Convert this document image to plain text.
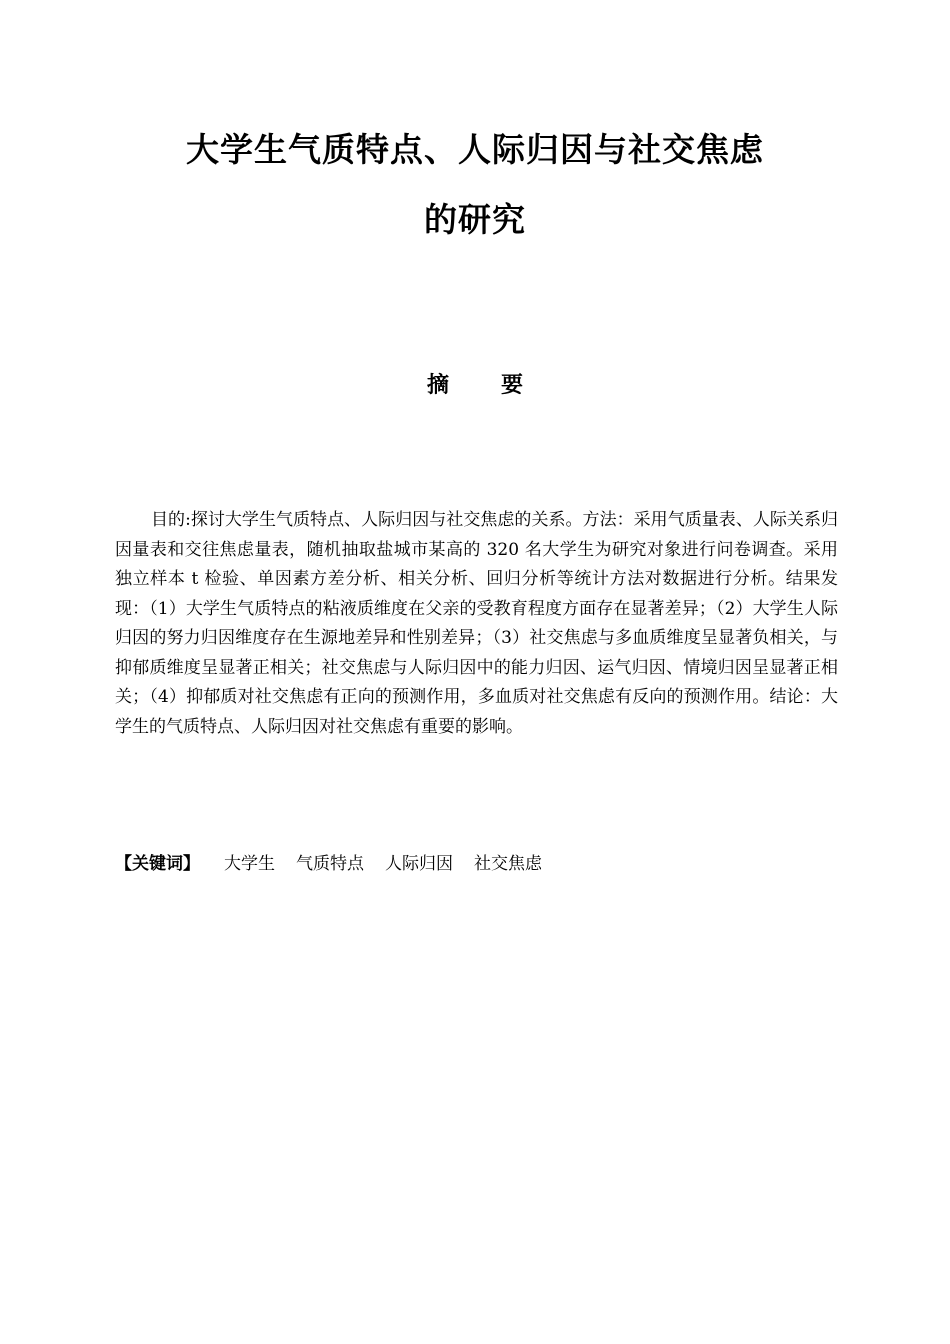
大学生气质特点、人际归因与社交焦虑
的研究
摘 要

目的:探讨大学生气质特点、人际归因与社交焦虑的关系。方法：采用气质量表、人际关系归因量表和交往焦虑量表，随机抽取盐城市某高的 320 名大学生为研究对象进行问卷调查。采用独立样本 t 检验、单因素方差分析、相关分析、回归分析等统计方法对数据进行分析。结果发现：（1）大学生气质特点的粘液质维度在父亲的受教育程度方面存在显著差异；（2）大学生人际归因的努力归因维度存在生源地差异和性别差异；（3）社交焦虑与多血质维度呈显著负相关，与抑郁质维度呈显著正相关；社交焦虑与人际归因中的能力归因、运气归因、情境归因呈显著正相关；（4）抑郁质对社交焦虑有正向的预测作用，多血质对社交焦虑有反向的预测作用。结论：大学生的气质特点、人际归因对社交焦虑有重要的影响。

【关键词】 大学生 气质特点 人际归因 社交焦虑
